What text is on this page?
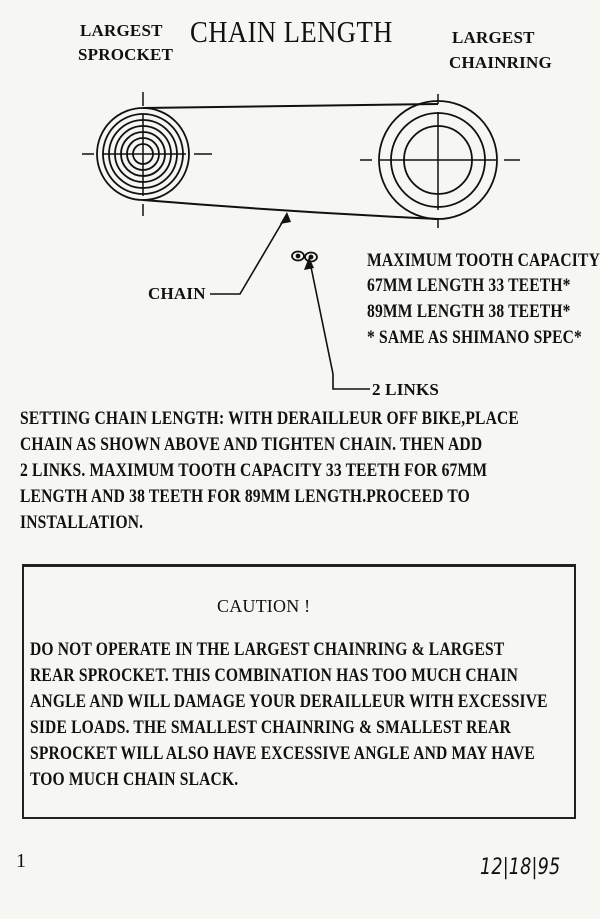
LARGEST

SPROCKET

CHAIN LENGTH	LARGEST

CHAINRING

CHAIN

2 LINKS

MAXIMUM TOOTH CAPACITY

67MM LENGTH 33 TEETH*

89MM LENGTH 38 TEETH*

* SAME AS SHIMANO SPEC*

SETTING CHAIN LENGTH: WITH DERAILLEUR OFF BIKE,PLACE

CHAIN AS SHOWN ABOVE AND TIGHTEN CHAIN. THEN ADD

2 LINKS. MAXIMUM TOOTH CAPACITY 33 TEETH FOR 67MM

LENGTH AND 38 TEETH FOR 89MM LENGTH.PROCEED TO

INSTALLATION.

CAUTION !

DO NOT OPERATE IN THE LARGEST CHAINRING & LARGEST

REAR SPROCKET. THIS COMBINATION HAS TOO MUCH CHAIN

ANGLE AND WILL DAMAGE YOUR DERAILLEUR WITH EXCESSIVE

SIDE LOADS. THE SMALLEST CHAINRING & SMALLEST REAR

SPROCKET WILL ALSO HAVE EXCESSIVE ANGLE AND MAY HAVE

TOO MUCH CHAIN SLACK.

1	12|18|95
